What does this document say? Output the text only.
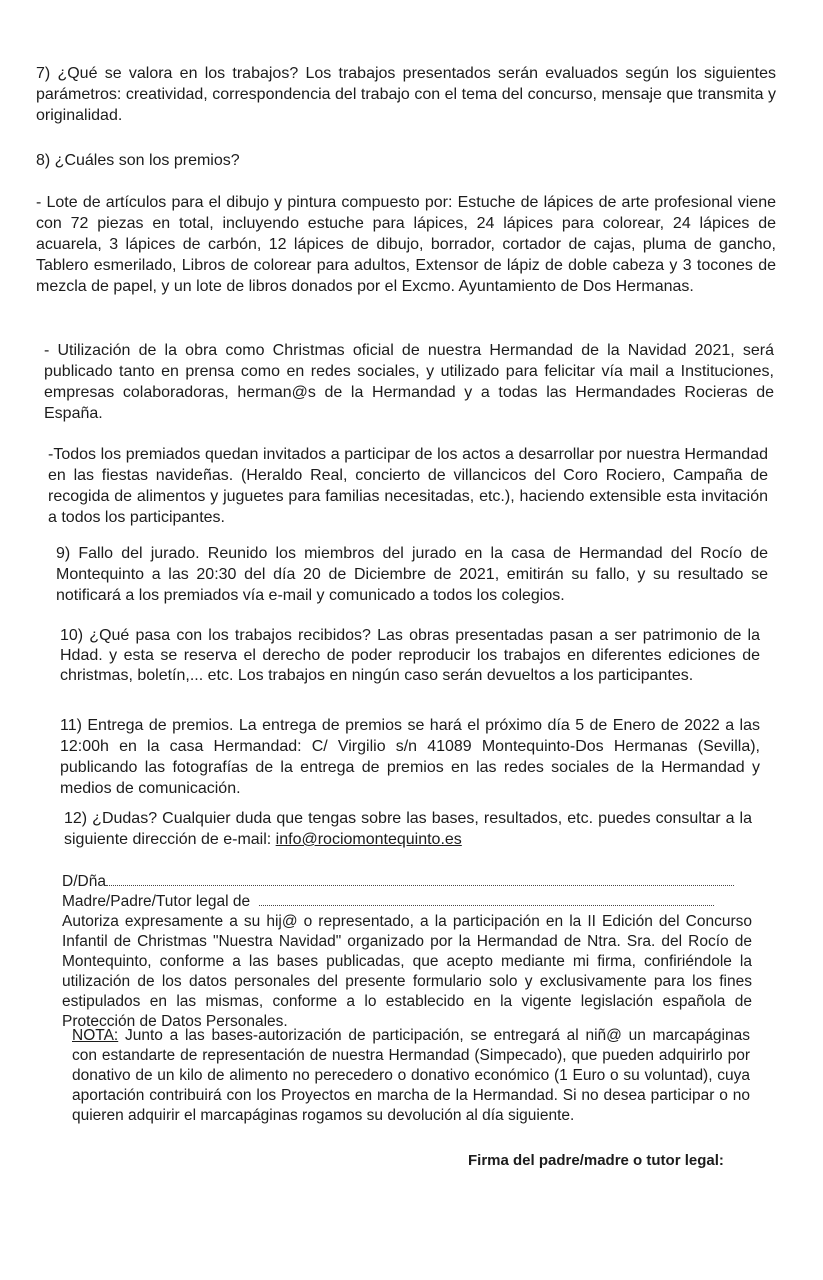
7) ¿Qué se valora en los trabajos? Los trabajos presentados serán evaluados según los siguientes parámetros: creatividad, correspondencia del trabajo con el tema del concurso, mensaje que transmita y originalidad.

8) ¿Cuáles son los premios?

- Lote de artículos para el dibujo y pintura compuesto por: Estuche de lápices de arte profesional viene con 72 piezas en total, incluyendo estuche para lápices, 24 lápices para colorear, 24 lápices de acuarela, 3 lápices de carbón, 12 lápices de dibujo, borrador, cortador de cajas, pluma de gancho, Tablero esmerilado, Libros de colorear para adultos, Extensor de lápiz de doble cabeza y 3 tocones de mezcla de papel, y un lote de libros donados por el Excmo. Ayuntamiento de Dos Hermanas.

- Utilización de la obra como Christmas oficial de nuestra Hermandad de la Navidad 2021, será publicado tanto en prensa como en redes sociales, y utilizado para felicitar vía mail a Instituciones, empresas colaboradoras, herman@s de la Hermandad y a todas las Hermandades Rocieras de España.

-Todos los premiados quedan invitados a participar de los actos a desarrollar por nuestra Hermandad en las fiestas navideñas. (Heraldo Real, concierto de villancicos del Coro Rociero, Campaña de recogida de alimentos y juguetes para familias necesitadas, etc.), haciendo extensible esta invitación a todos los participantes.

9) Fallo del jurado. Reunido los miembros del jurado en la casa de Hermandad del Rocío de Montequinto a las 20:30 del día 20 de Diciembre de 2021, emitirán su fallo, y su resultado se notificará a los premiados vía e-mail y comunicado a todos los colegios.

10) ¿Qué pasa con los trabajos recibidos? Las obras presentadas pasan a ser patrimonio de la Hdad. y esta se reserva el derecho de poder reproducir los trabajos en diferentes ediciones de christmas, boletín,... etc. Los trabajos en ningún caso serán devueltos a los participantes.

11) Entrega de premios. La entrega de premios se hará el próximo día 5 de Enero de 2022 a las 12:00h en la casa Hermandad: C/ Virgilio s/n 41089 Montequinto-Dos Hermanas (Sevilla), publicando las fotografías de la entrega de premios en las redes sociales de la Hermandad y medios de comunicación.

12) ¿Dudas? Cualquier duda que tengas sobre las bases, resultados, etc. puedes consultar a la siguiente dirección de e-mail: info@rociomontequinto.es

D/Dña
Madre/Padre/Tutor legal de
Autoriza expresamente a su hij@ o representado, a la participación en la II Edición del Concurso Infantil de Christmas "Nuestra Navidad" organizado por la Hermandad de Ntra. Sra. del Rocío de Montequinto, conforme a las bases publicadas, que acepto mediante mi firma, confiriéndole la utilización de los datos personales del presente formulario solo y exclusivamente para los fines estipulados en las mismas, conforme a lo establecido en la vigente legislación española de Protección de Datos Personales.

NOTA: Junto a las bases-autorización de participación, se entregará al niñ@ un marcapáginas con estandarte de representación de nuestra Hermandad (Simpecado), que pueden adquirirlo por donativo de un kilo de alimento no perecedero o donativo económico (1 Euro o su voluntad), cuya aportación contribuirá con los Proyectos en marcha de la Hermandad. Si no desea participar o no quieren adquirir el marcapáginas rogamos su devolución al día siguiente.

Firma del padre/madre o tutor legal:
